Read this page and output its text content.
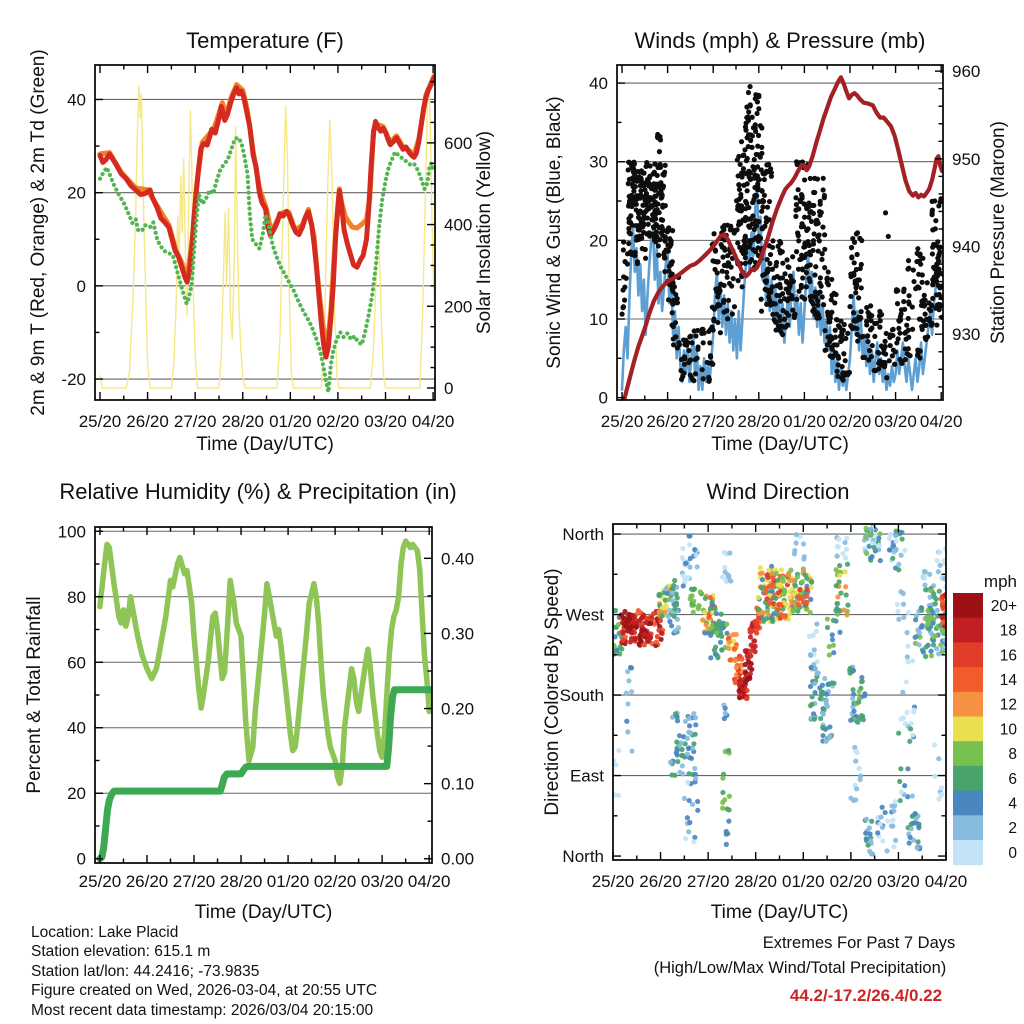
25/20 26/20 27/20 28/20 01/20 02/20 03/20 04/20
-20
0
20
40
0
200
400
600
Temperature (F)
Time (Day/UTC)
2m & 9m T (Red, Orange) & 2m Td (Green)	Solar Insolation (Yellow)
25/20 26/20 27/20 28/20 01/20 02/20 03/20 04/20
0
10
20
30
40
930
940
950
960
Winds (mph) & Pressure (mb)
Time (Day/UTC)
Sonic Wind & Gust (Blue, Black)	Station Pressure (Maroon)
25/20 26/20 27/20 28/20 01/20 02/20 03/20 04/20
0
20
40
60
80
100
0.00
0.10
0.20
0.30
0.40
Relative Humidity (%) & Precipitation (in)
Time (Day/UTC)
Percent & Total Rainfall
25/20 26/20 27/20 28/20 01/20 02/20 03/20 04/20
North
West
South
East
North
Wind Direction
Time (Day/UTC)
Direction (Colored By Speed)	mph
20+
18
16
14
12
10
8
6
4
2
0
Location: Lake Placid
Station elevation: 615.1 m
Station lat/lon: 44.2416; -73.9835
Figure created on Wed, 2026-03-04, at 20:55 UTC
Most recent data timestamp: 2026/03/04 20:15:00
Extremes For Past 7 Days
(High/Low/Max Wind/Total Precipitation)
44.2/-17.2/26.4/0.22
